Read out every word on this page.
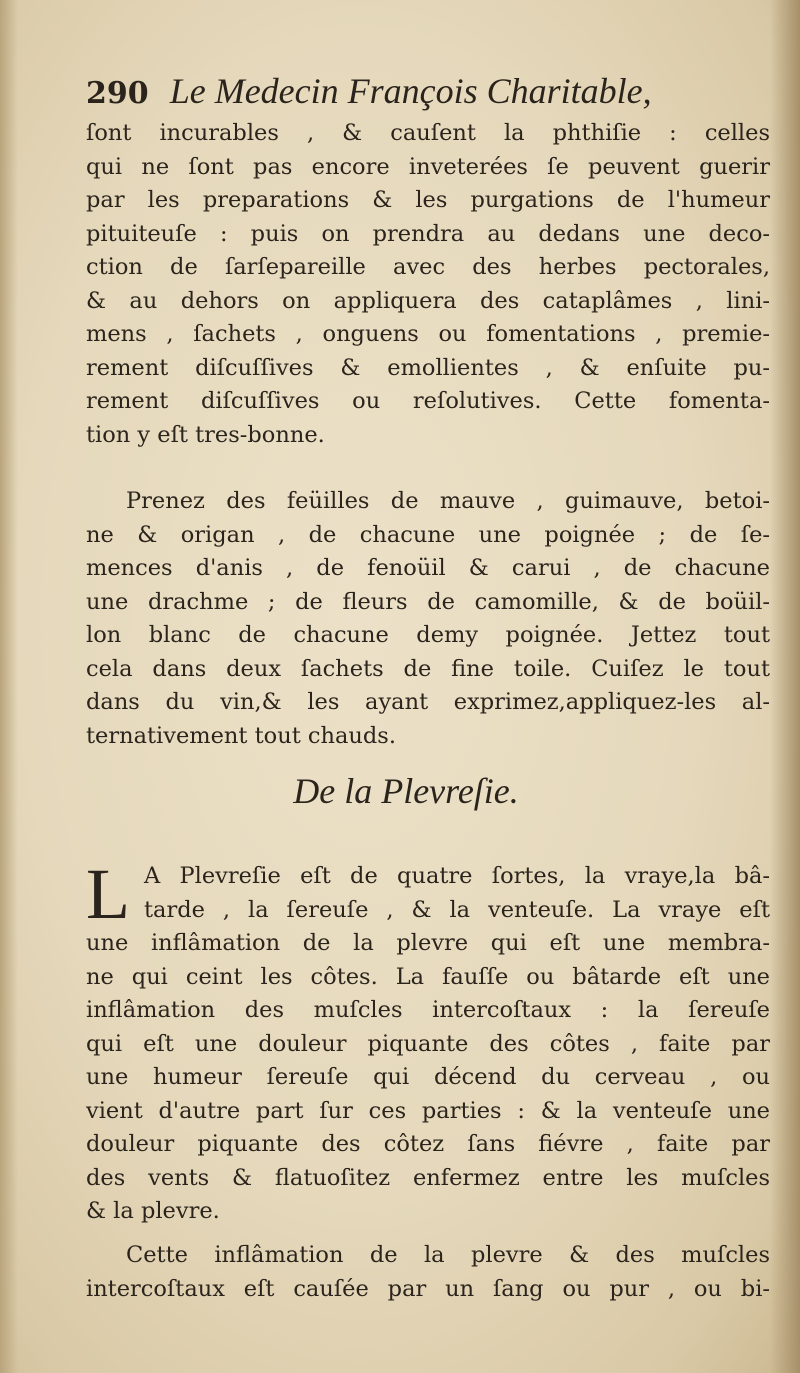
290 Le Medecin François Charitable,
ſont incurables , & cauſent la phthiſie : celles
qui ne ſont pas encore inveterées ſe peuvent guerir
par les preparations & les purgations de l'humeur
pituiteuſe : puis on prendra au dedans une deco-
ction de ſarſepareille avec des herbes pectorales,
& au dehors on appliquera des cataplâmes , lini-
mens , ſachets , onguens ou fomentations , premie-
rement diſcuſſives & emollientes , & enſuite pu-
rement diſcuſſives ou reſolutives. Cette fomenta-
tion y eſt tres-bonne.
Prenez des feüilles de mauve , guimauve, betoi-
ne & origan , de chacune une poignée ; de ſe-
mences d'anis , de fenoüil & carui , de chacune
une drachme ; de fleurs de camomille, & de boüil-
lon blanc de chacune demy poignée. Jettez tout
cela dans deux ſachets de fine toile. Cuiſez le tout
dans du vin,& les ayant exprimez,appliquez-les al-
ternativement tout chauds.
De la Plevreſie.
L A Plevreſie eſt de quatre ſortes, la vraye,la bâ-
tarde , la ſereuſe , & la venteuſe. La vraye eſt
une inflâmation de la plevre qui eſt une membra-
ne qui ceint les côtes. La fauſſe ou bâtarde eſt une
inflâmation des muſcles intercoſtaux : la ſereuſe
qui eſt une douleur piquante des côtes , faite par
une humeur ſereuſe qui décend du cerveau , ou
vient d'autre part ſur ces parties : & la venteuſe une
douleur piquante des côtez ſans fiévre , faite par
des vents & flatuoſitez enfermez entre les muſcles
& la plevre.
Cette inflâmation de la plevre & des muſcles
intercoſtaux eſt cauſée par un ſang ou pur , ou bi-
